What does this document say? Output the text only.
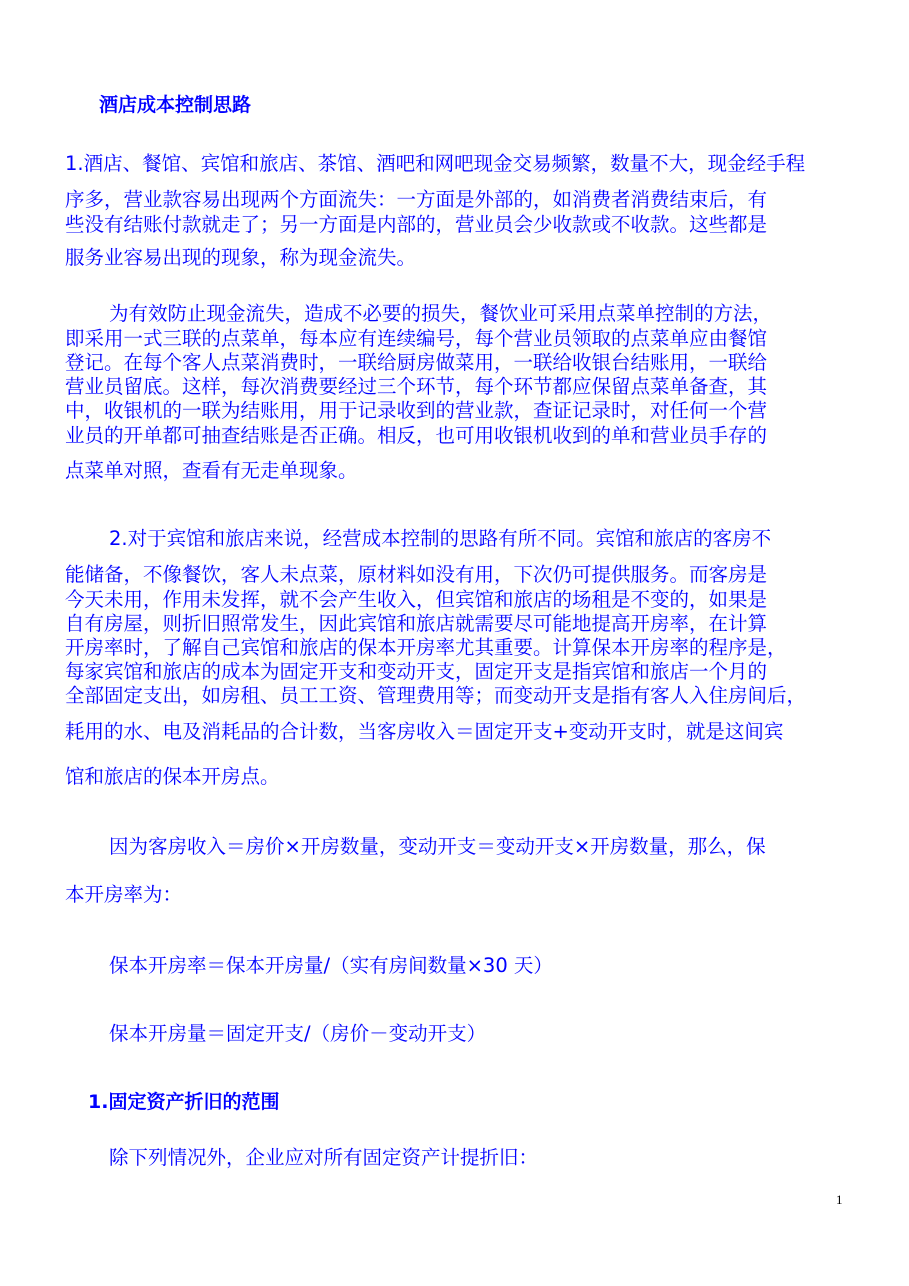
酒店成本控制思路
1.酒店、餐馆、宾馆和旅店、茶馆、酒吧和网吧现金交易频繁，数量不大，现金经手程
序多，营业款容易出现两个方面流失：一方面是外部的，如消费者消费结束后，有
些没有结账付款就走了；另一方面是内部的，营业员会少收款或不收款。这些都是
服务业容易出现的现象，称为现金流失。
为有效防止现金流失，造成不必要的损失，餐饮业可采用点菜单控制的方法，
即采用一式三联的点菜单，每本应有连续编号，每个营业员领取的点菜单应由餐馆
登记。在每个客人点菜消费时，一联给厨房做菜用，一联给收银台结账用，一联给
营业员留底。这样，每次消费要经过三个环节，每个环节都应保留点菜单备查，其
中，收银机的一联为结账用，用于记录收到的营业款，查证记录时，对任何一个营
业员的开单都可抽查结账是否正确。相反，也可用收银机收到的单和营业员手存的
点菜单对照，查看有无走单现象。
2.对于宾馆和旅店来说，经营成本控制的思路有所不同。宾馆和旅店的客房不
能储备，不像餐饮，客人未点菜，原材料如没有用，下次仍可提供服务。而客房是
今天未用，作用未发挥，就不会产生收入，但宾馆和旅店的场租是不变的，如果是
自有房屋，则折旧照常发生，因此宾馆和旅店就需要尽可能地提高开房率，在计算
开房率时，了解自己宾馆和旅店的保本开房率尤其重要。计算保本开房率的程序是，
每家宾馆和旅店的成本为固定开支和变动开支，固定开支是指宾馆和旅店一个月的
全部固定支出，如房租、员工工资、管理费用等；而变动开支是指有客人入住房间后，
耗用的水、电及消耗品的合计数，当客房收入＝固定开支+变动开支时，就是这间宾
馆和旅店的保本开房点。
因为客房收入＝房价×开房数量，变动开支＝变动开支×开房数量，那么，保
本开房率为：
保本开房率＝保本开房量/（实有房间数量×30 天）
保本开房量＝固定开支/（房价－变动开支）
1.固定资产折旧的范围
除下列情况外，企业应对所有固定资产计提折旧：
1
